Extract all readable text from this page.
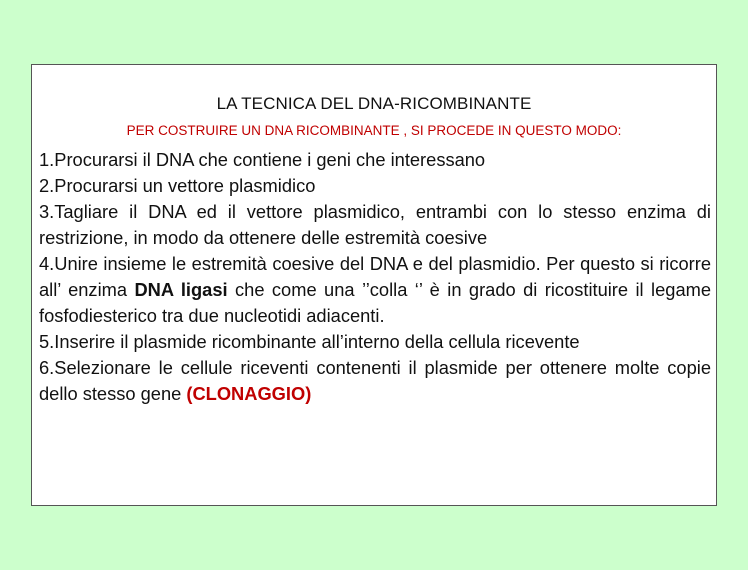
LA TECNICA DEL DNA-RICOMBINANTE
PER COSTRUIRE UN DNA RICOMBINANTE , SI PROCEDE IN QUESTO MODO:

1.Procurarsi il DNA che contiene i geni che interessano

2.Procurarsi un vettore plasmidico

3.Tagliare il DNA ed il vettore plasmidico, entrambi con lo stesso enzima di restrizione, in modo da ottenere delle estremità coesive

4.Unire insieme le estremità coesive del DNA e del plasmidio. Per questo si ricorre all’ enzima DNA ligasi che come una ’’colla ‘’ è in grado di ricostituire il legame fosfodiesterico tra due nucleotidi adiacenti.

5.Inserire il plasmide ricombinante all’interno della cellula ricevente

6.Selezionare le cellule riceventi contenenti il plasmide per ottenere molte copie dello stesso gene (CLONAGGIO)
